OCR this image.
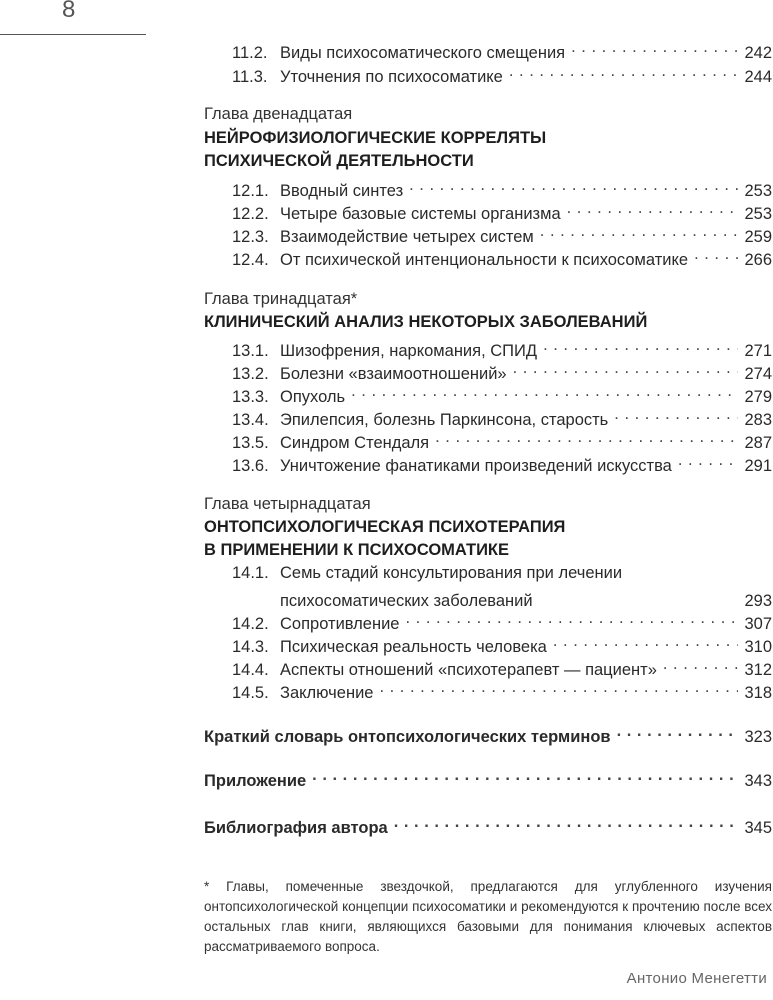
8
11.2. Виды психосоматического смещения . . .	242
11.3. Уточнения по психосоматике . . .	244
Глава двенадцатая
НЕЙРОФИЗИОЛОГИЧЕСКИЕ КОРРЕЛЯТЫ
ПСИХИЧЕСКОЙ ДЕЯТЕЛЬНОСТИ
12.1. Вводный синтез . . .	253
12.2. Четыре базовые системы организма . . .	253
12.3. Взаимодействие четырех систем . . .	259
12.4. От психической интенциональности к психосоматике . . .	266
Глава тринадцатая*
КЛИНИЧЕСКИЙ АНАЛИЗ НЕКОТОРЫХ ЗАБОЛЕВАНИЙ
13.1. Шизофрения, наркомания, СПИД . . .	271
13.2. Болезни «взаимоотношений» . . .	274
13.3. Опухоль . . .	279
13.4. Эпилепсия, болезнь Паркинсона, старость . . .	283
13.5. Синдром Стендаля . . .	287
13.6. Уничтожение фанатиками произведений искусства . . .	291
Глава четырнадцатая
ОНТОПСИХОЛОГИЧЕСКАЯ ПСИХОТЕРАПИЯ
В ПРИМЕНЕНИИ К ПСИХОСОМАТИКЕ
14.1. Семь стадий консультирования при лечении
психосоматических заболеваний	293
14.2. Сопротивление . . .	307
14.3. Психическая реальность человека . . .	310
14.4. Аспекты отношений «психотерапевт — пациент» . . .	312
14.5. Заключение . . .	318
Краткий словарь онтопсихологических терминов . . .	323
Приложение . . .	343
Библиография автора . . .	345

* Главы, помеченные звездочкой, предлагаются для углубленного изучения онтопсихологической концепции психосоматики и рекомендуются к прочтению после всех остальных глав книги, являющихся базовыми для понимания ключевых аспектов рассматриваемого вопроса.

Антонио Менегетти
